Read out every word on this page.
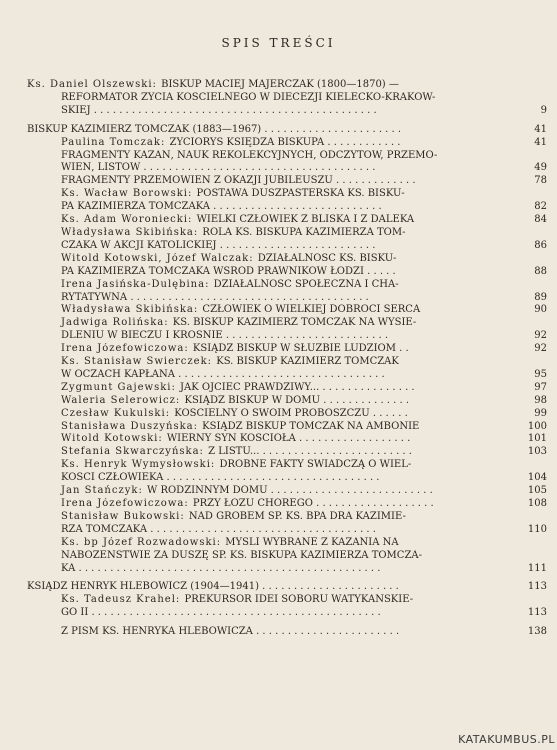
SPIS TREŚCI
Ks. Daniel Olszewski: BISKUP MACIEJ MAJERCZAK (1800—1870) —
REFORMATOR ŻYCIA KOŚCIELNEGO W DIECEZJI KIELECKO-KRAKOW-
SKIEJ . . . . . . . . . . . . . . . . . . . . . . . . . . . . . . . . . . . . . . . . . . . . .	9
BISKUP KAZIMIERZ TOMCZAK (1883—1967) . . . . . . . . . . . . . . . . . . . . . .	41
Paulina Tomczak: ŻYCIORYS KSIĘDZA BISKUPA . . . . . . . . . . . .	41
FRAGMENTY KAZAŃ, NAUK REKOLEKCYJNYCH, ODCZYTÓW, PRZEMÓ-
WIEŃ, LISTÓW . . . . . . . . . . . . . . . . . . . . . . . . . . . . . . . . . . . . .	49
FRAGMENTY PRZEMÓWIEŃ Z OKAZJI JUBILEUSZU . . . . . . . . . . . . .	78
Ks. Wacław Borowski: POSTAWA DUSZPASTERSKA KS. BISKU-
PA KAZIMIERZA TOMCZAKA . . . . . . . . . . . . . . . . . . . . . . . . . . .	82
Ks. Adam Woroniecki: WIELKI CZŁOWIEK Z BLISKA I Z DALEKA	84
Władysława Skibińska: ROLA KS. BISKUPA KAZIMIERZA TOM-
CZAKA W AKCJI KATOLICKIEJ . . . . . . . . . . . . . . . . . . . . . . . . .	86
Witold Kotowski, Józef Walczak: DZIAŁALNOŚĆ KS. BISKU-
PA KAZIMIERZA TOMCZAKA WŚRÓD PRAWNIKÓW ŁODZI . . . . .	88
Irena Jasińska-Dulębina: DZIAŁALNOŚĆ SPOŁECZNA I CHA-
RYTATYWNA . . . . . . . . . . . . . . . . . . . . . . . . . . . . . . . . . . . . . .	89
Władysława Skibińska: CZŁOWIEK O WIELKIEJ DOBROCI SERCA	90
Jadwiga Rolińska: KS. BISKUP KAZIMIERZ TOMCZAK NA WYSIE-
DLENIU W BIECZU I KROŚNIE . . . . . . . . . . . . . . . . . . . . . . . . . .	92
Irena Józefowiczowa: KSIĄDZ BISKUP W SŁUŻBIE LUDZIOM . .	92
Ks. Stanisław Świerczek: KS. BISKUP KAZIMIERZ TOMCZAK
W OCZACH KAPŁANA . . . . . . . . . . . . . . . . . . . . . . . . . . . . . . . . .	95
Zygmunt Gajewski: JAK OJCIEC PRAWDZIWY... . . . . . . . . . . . . . . .	97
Waleria Selerowicz: KSIĄDZ BISKUP W DOMU . . . . . . . . . . . . . .	98
Czesław Kukulski: KOŚCIELNY O SWOIM PROBOSZCZU . . . . . .	99
Stanisława Duszyńska: KSIĄDZ BISKUP TOMCZAK NA AMBONIE	100
Witold Kotowski: WIERNY SYN KOŚCIOŁA . . . . . . . . . . . . . . . . . .	101
Stefania Skwarczyńska: Z LISTU... . . . . . . . . . . . . . . . . . . . . . . . .	103
Ks. Henryk Wymysłowski: DROBNE FAKTY ŚWIADCZĄ O WIEL-
KOŚCI CZŁOWIEKA . . . . . . . . . . . . . . . . . . . . . . . . . . . . . . . . . .	104
Jan Stańczyk: W RODZINNYM DOMU . . . . . . . . . . . . . . . . . . . . . . . . . .	105
Irena Józefowiczowa: PRZY ŁOŻU CHOREGO . . . . . . . . . . . . . . . . . . .	108
Stanisław Bukowski: NAD GROBEM ŚP. KS. BPA DRA KAZIMIE-
RZA TOMCZAKA . . . . . . . . . . . . . . . . . . . . . . . . . . . . . . . . . . . .	110
Ks. bp Józef Rozwadowski: MYŚLI WYBRANE Z KAZANIA NA
NABOŻEŃSTWIE ZA DUSZĘ ŚP. KS. BISKUPA KAZIMIERZA TOMCZA-
KA . . . . . . . . . . . . . . . . . . . . . . . . . . . . . . . . . . . . . . . . . . . . . . . .	111
KSIĄDZ HENRYK HLEBOWICZ (1904—1941) . . . . . . . . . . . . . . . . . . . . . .	113
Ks. Tadeusz Krahel: PREKURSOR IDEI SOBORU WATYKAŃSKIE-
GO II . . . . . . . . . . . . . . . . . . . . . . . . . . . . . . . . . . . . . . . . . . . . . .	113
Z PISM KS. HENRYKA HLEBOWICZA . . . . . . . . . . . . . . . . . . . . . . .	138
KATAKUMBUS.PL
